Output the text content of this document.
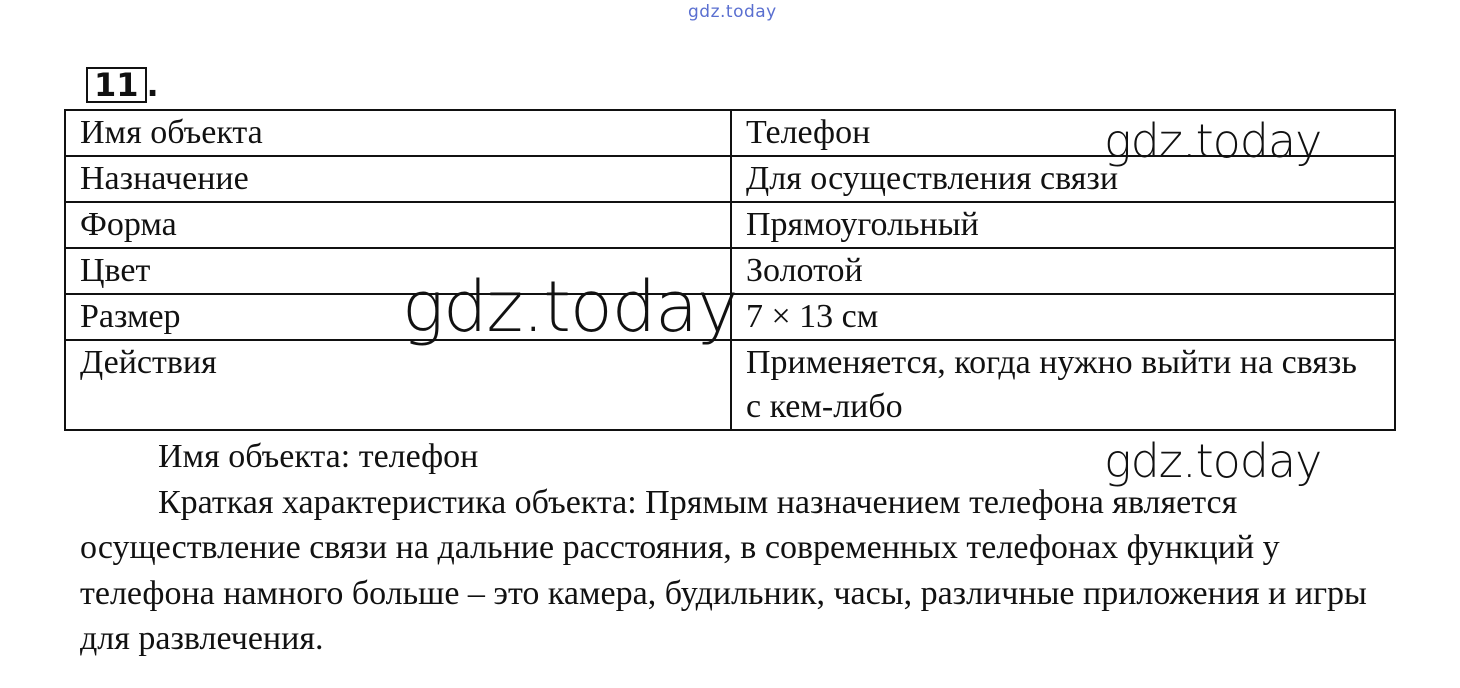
gdz.today
11 .
Имя объекта	Телефон
Назначение	Для осуществления связи
Форма	Прямоугольный
Цвет	Золотой
Размер	7 × 13 см
Действия	Применяется, когда нужно выйти на связь с кем-либо

Имя объекта: телефон

Краткая характеристика объекта: Прямым назначением телефона является осуществление связи на дальние расстояния, в современных телефонах функций у телефона намного больше – это камера, будильник, часы, различные приложения и игры для развлечения.

gdz.today
gdz.today
gdz.today
